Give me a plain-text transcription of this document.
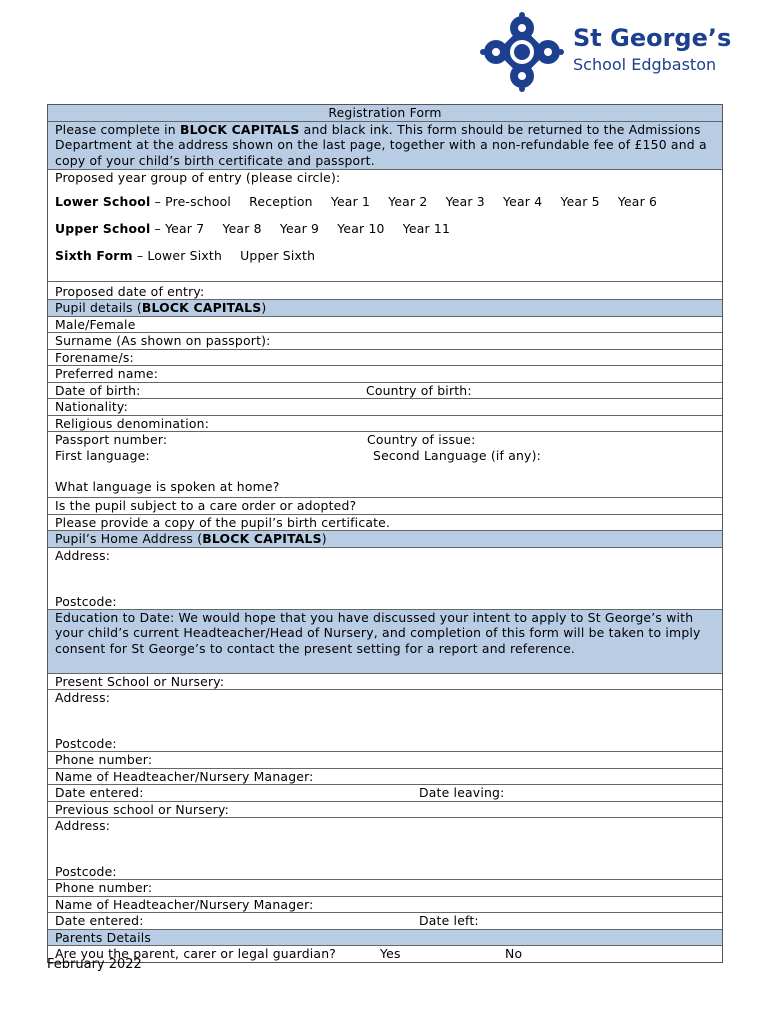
St George’s
School Edgbaston
Registration Form
Please complete in BLOCK CAPITALS and black ink. This form should be returned to the Admissions Department at the address shown on the last page, together with a non-refundable fee of £150 and a copy of your child’s birth certificate and passport.
Proposed year group of entry (please circle):
Lower School – Pre-school Reception Year 1 Year 2 Year 3 Year 4 Year 5 Year 6
Upper School – Year 7 Year 8 Year 9 Year 10 Year 11
Sixth Form – Lower Sixth Upper Sixth
Proposed date of entry:
Pupil details (BLOCK CAPITALS)
Male/Female
Surname (As shown on passport):
Forename/s:
Preferred name:
Date of birth:	Country of birth:
Nationality:
Religious denomination:
Passport number:	Country of issue:
First language:	Second Language (if any):
What language is spoken at home?
Is the pupil subject to a care order or adopted?
Please provide a copy of the pupil’s birth certificate.
Pupil’s Home Address (BLOCK CAPITALS)
Address:
Postcode:
Education to Date: We would hope that you have discussed your intent to apply to St George’s with your child’s current Headteacher/Head of Nursery, and completion of this form will be taken to imply consent for St George’s to contact the present setting for a report and reference.
Present School or Nursery:
Address:
Postcode:
Phone number:
Name of Headteacher/Nursery Manager:
Date entered:	Date leaving:
Previous school or Nursery:
Address:
Postcode:
Phone number:
Name of Headteacher/Nursery Manager:
Date entered:	Date left:
Parents Details
Are you the parent, carer or legal guardian?	Yes	No
February 2022
